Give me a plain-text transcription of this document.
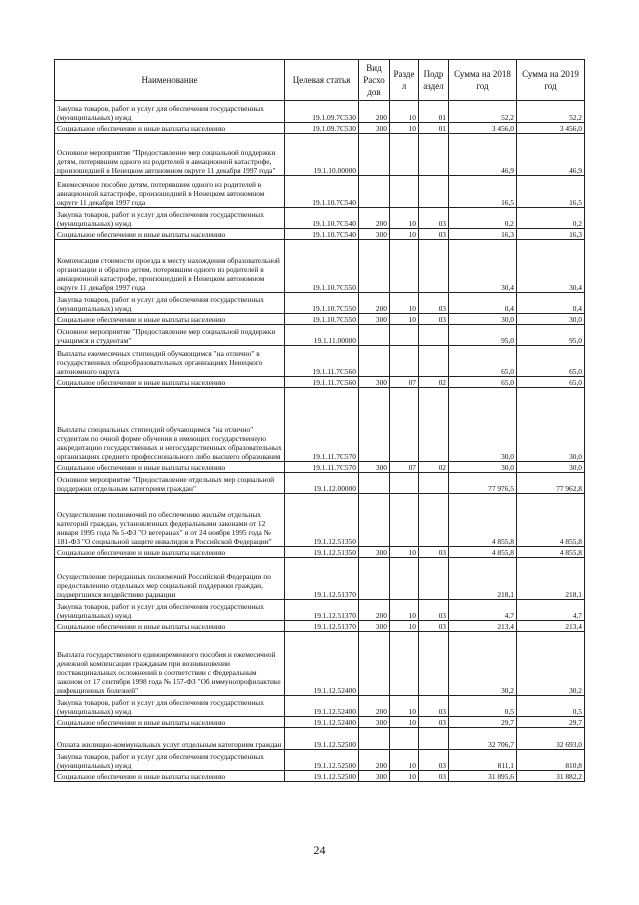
Наименование	Целевая статья	Вид Расхо дов	Разде л	Подр аздел	Сумма на 2018 год	Сумма на 2019 год
Закупка товаров, работ и услуг для обеспечения государственных (муниципальных) нужд	19.1.09.7С530	200	10	01	52,2	52,2
Социальное обеспечение и иные выплаты населению	19.1.09.7С530	300	10	01	3 456,0	3 456,0
Основное мероприятие "Предоставление мер социальной поддержки детям, потерявшим одного из родителей в авиационной катастрофе, произошедшей в Ненецком автономном округе 11 декабря 1997 года"	19.1.10.00000				46,9	46,9
Ежемесячное пособие детям, потерявшим одного из родителей в авиационной катастрофе, произошедшей в Ненецком автономном округе 11 декабря 1997 года	19.1.10.7С540				16,5	16,5
Закупка товаров, работ и услуг для обеспечения государственных (муниципальных) нужд	19.1.10.7С540	200	10	03	0,2	0,2
Социальное обеспечение и иные выплаты населению	19.1.10.7С540	300	10	03	16,3	16,3
Компенсация стоимости проезда к месту нахождения образовательной организации и обратно детям, потерявшим одного из родителей в авиационной катастрофе, произошедшей в Ненецком автономном округе 11 декабря 1997 года	19.1.10.7С550				30,4	30,4
Закупка товаров, работ и услуг для обеспечения государственных (муниципальных) нужд	19.1.10.7С550	200	10	03	0,4	0,4
Социальное обеспечение и иные выплаты населению	19.1.10.7С550	300	10	03	30,0	30,0
Основное мероприятие "Предоставление мер социальной поддержки учащимся и студентам"	19.1.11.00000				95,0	95,0
Выплаты ежемесячных стипендий обучающимся "на отлично" в государственных общеобразовательных организациях Ненецкого автономного округа	19.1.11.7С560				65,0	65,0
Социальное обеспечение и иные выплаты населению	19.1.11.7С560	300	07	02	65,0	65,0
Выплаты специальных стипендий обучающимся "на отлично" студентам по очной форме обучения в имеющих государственную аккредитацию государственных и негосударственных образовательных организациях среднего профессионального либо высшего образования	19.1.11.7С570				30,0	30,0
Социальное обеспечение и иные выплаты населению	19.1.11.7С570	300	07	02	30,0	30,0
Основное мероприятие "Предоставление отдельных мер социальной поддержки отдельным категориям граждан"	19.1.12.00000				77 976,5	77 962,8
Осуществление полномочий по обеспечению жильём отдельных категорий граждан, установленных федеральными законами от 12 января 1995 года № 5-ФЗ "О ветеранах" и от 24 ноября 1995 года № 181-ФЗ "О социальной защите инвалидов в Российской Федерации"	19.1.12.51350				4 855,8	4 855,8
Социальное обеспечение и иные выплаты населению	19.1.12.51350	300	10	03	4 855,8	4 855,8
Осуществление переданных полномочий Российской Федерации по предоставлению отдельных мер социальной поддержки граждан, подвергшихся воздействию радиации	19.1.12.51370				218,1	218,1
Закупка товаров, работ и услуг для обеспечения государственных (муниципальных) нужд	19.1.12.51370	200	10	03	4,7	4,7
Социальное обеспечение и иные выплаты населению	19.1.12.51370	300	10	03	213,4	213,4
Выплата государственного единовременного пособия и ежемесячной денежной компенсации гражданам при возникновении поствакцинальных осложнений в соответствии с Федеральным законом от 17 сентября 1998 года № 157-ФЗ "Об иммунопрофилактике инфекционных болезней"	19.1.12.52400				30,2	30,2
Закупка товаров, работ и услуг для обеспечения государственных (муниципальных) нужд	19.1.12.52400	200	10	03	0,5	0,5
Социальное обеспечение и иные выплаты населению	19.1.12.52400	300	10	03	29,7	29,7
Оплата жилищно-коммунальных услуг отдельным категориям граждан	19.1.12.52500				32 706,7	32 693,0
Закупка товаров, работ и услуг для обеспечения государственных (муниципальных) нужд	19.1.12.52500	200	10	03	811,1	810,8
Социальное обеспечение и иные выплаты населению	19.1.12.52500	300	10	03	31 895,6	31 882,2
24
